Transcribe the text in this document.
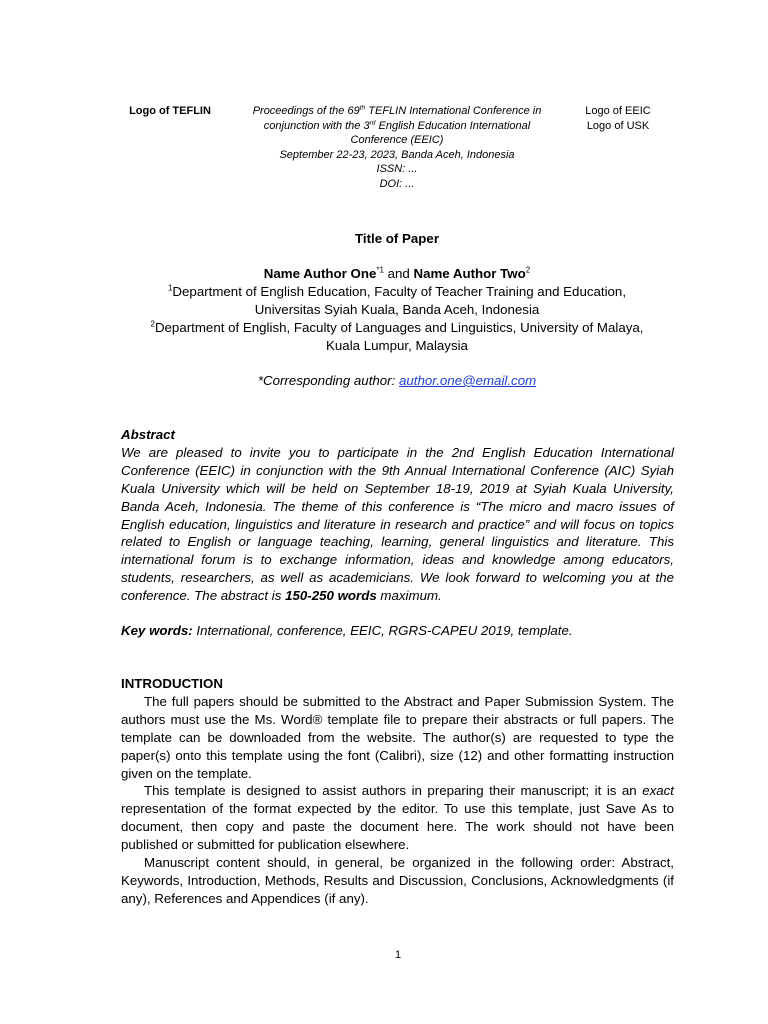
Logo of TEFLIN	Proceedings of the 69th TEFLIN International Conference in
conjunction with the 3rd English Education International
Conference (EEIC)
September 22-23, 2023, Banda Aceh, Indonesia
ISSN: ...
DOI: ...
Logo of EEIC
Logo of USK
Title of Paper
Name Author One$^{*1}$ and Name Author Two$^2$
$^1$Department of English Education, Faculty of Teacher Training and Education,
Universitas Syiah Kuala, Banda Aceh, Indonesia
$^2$Department of English, Faculty of Languages and Linguistics, University of Malaya,
Kuala Lumpur, Malaysia
*Corresponding author: author.one@email.com
Abstract
We are pleased to invite you to participate in the 2nd English Education International Conference (EEIC) in conjunction with the 9th Annual International Conference (AIC) Syiah Kuala University which will be held on September 18-19, 2019 at Syiah Kuala University, Banda Aceh, Indonesia. The theme of this conference is “The micro and macro issues of English education, linguistics and literature in research and practice” and will focus on topics related to English or language teaching, learning, general linguistics and literature. This international forum is to exchange information, ideas and knowledge among educators, students, researchers, as well as academicians. We look forward to welcoming you at the conference. The abstract is 150-250 words maximum.
Key words: International, conference, EEIC, RGRS-CAPEU 2019, template.
INTRODUCTION
The full papers should be submitted to the Abstract and Paper Submission System. The authors must use the Ms. Word® template file to prepare their abstracts or full papers. The template can be downloaded from the website. The author(s) are requested to type the paper(s) onto this template using the font (Calibri), size (12) and other formatting instruction given on the template.
This template is designed to assist authors in preparing their manuscript; it is an exact representation of the format expected by the editor. To use this template, just Save As to document, then copy and paste the document here. The work should not have been published or submitted for publication elsewhere.
Manuscript content should, in general, be organized in the following order: Abstract, Keywords, Introduction, Methods, Results and Discussion, Conclusions, Acknowledgments (if any), References and Appendices (if any).
1
